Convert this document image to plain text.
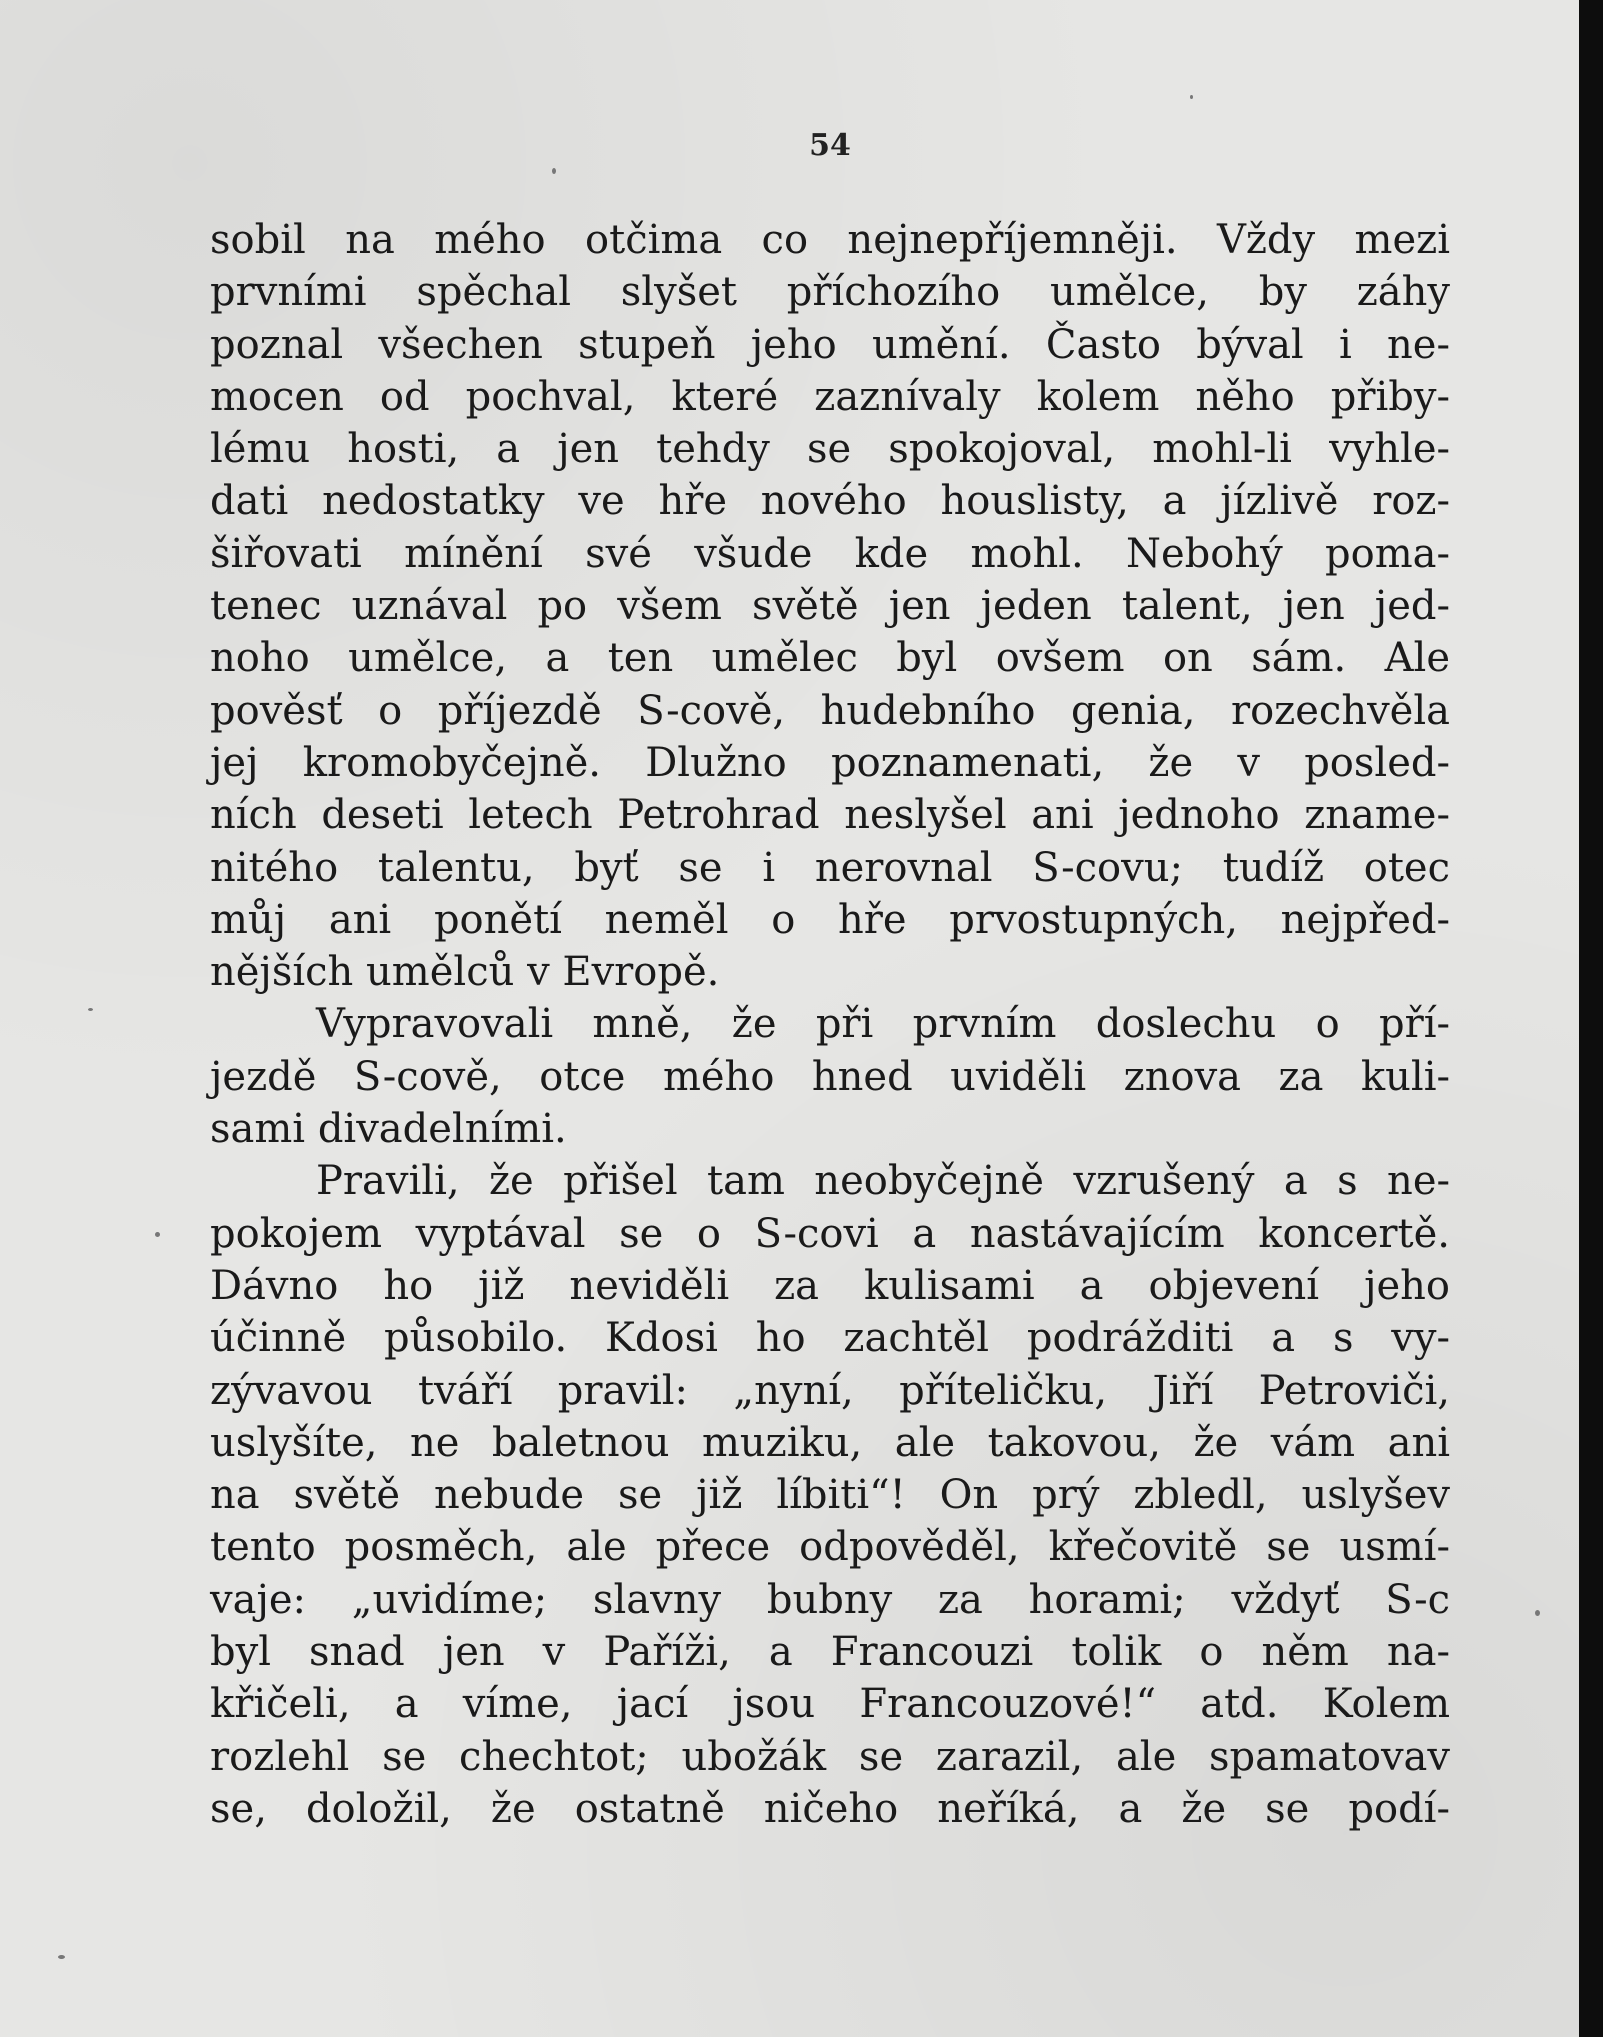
54
sobil na mého otčima co nejnepříjemněji. Vždy mezi
prvními spěchal slyšet příchozího umělce, by záhy
poznal všechen stupeň jeho umění. Často býval i ne-
mocen od pochval, které zaznívaly kolem něho přiby-
lému hosti, a jen tehdy se spokojoval, mohl-li vyhle-
dati nedostatky ve hře nového houslisty, a jízlivě roz-
šiřovati mínění své všude kde mohl. Nebohý poma-
tenec uznával po všem světě jen jeden talent, jen jed-
noho umělce, a ten umělec byl ovšem on sám. Ale
pověsť o příjezdě S-cově, hudebního genia, rozechvěla
jej kromobyčejně. Dlužno poznamenati, že v posled-
ních deseti letech Petrohrad neslyšel ani jednoho zname-
nitého talentu, byť se i nerovnal S-covu; tudíž otec
můj ani ponětí neměl o hře prvostupných, nejpřed-
nějších umělců v Evropě.
Vypravovali mně, že při prvním doslechu o pří-
jezdě S-cově, otce mého hned uviděli znova za kuli-
sami divadelními.
Pravili, že přišel tam neobyčejně vzrušený a s ne-
pokojem vyptával se o S-covi a nastávajícím koncertě.
Dávno ho již neviděli za kulisami a objevení jeho
účinně působilo. Kdosi ho zachtěl podrážditi a s vy-
zývavou tváří pravil: „nyní, příteličku, Jiří Petroviči,
uslyšíte, ne baletnou muziku, ale takovou, že vám ani
na světě nebude se již líbiti“! On prý zbledl, uslyšev
tento posměch, ale přece odpověděl, křečovitě se usmí-
vaje: „uvidíme; slavny bubny za horami; vždyť S-c
byl snad jen v Paříži, a Francouzi tolik o něm na-
křičeli, a víme, jací jsou Francouzové!“ atd. Kolem
rozlehl se chechtot; ubožák se zarazil, ale spamatovav
se, doložil, že ostatně ničeho neříká, a že se podí-
